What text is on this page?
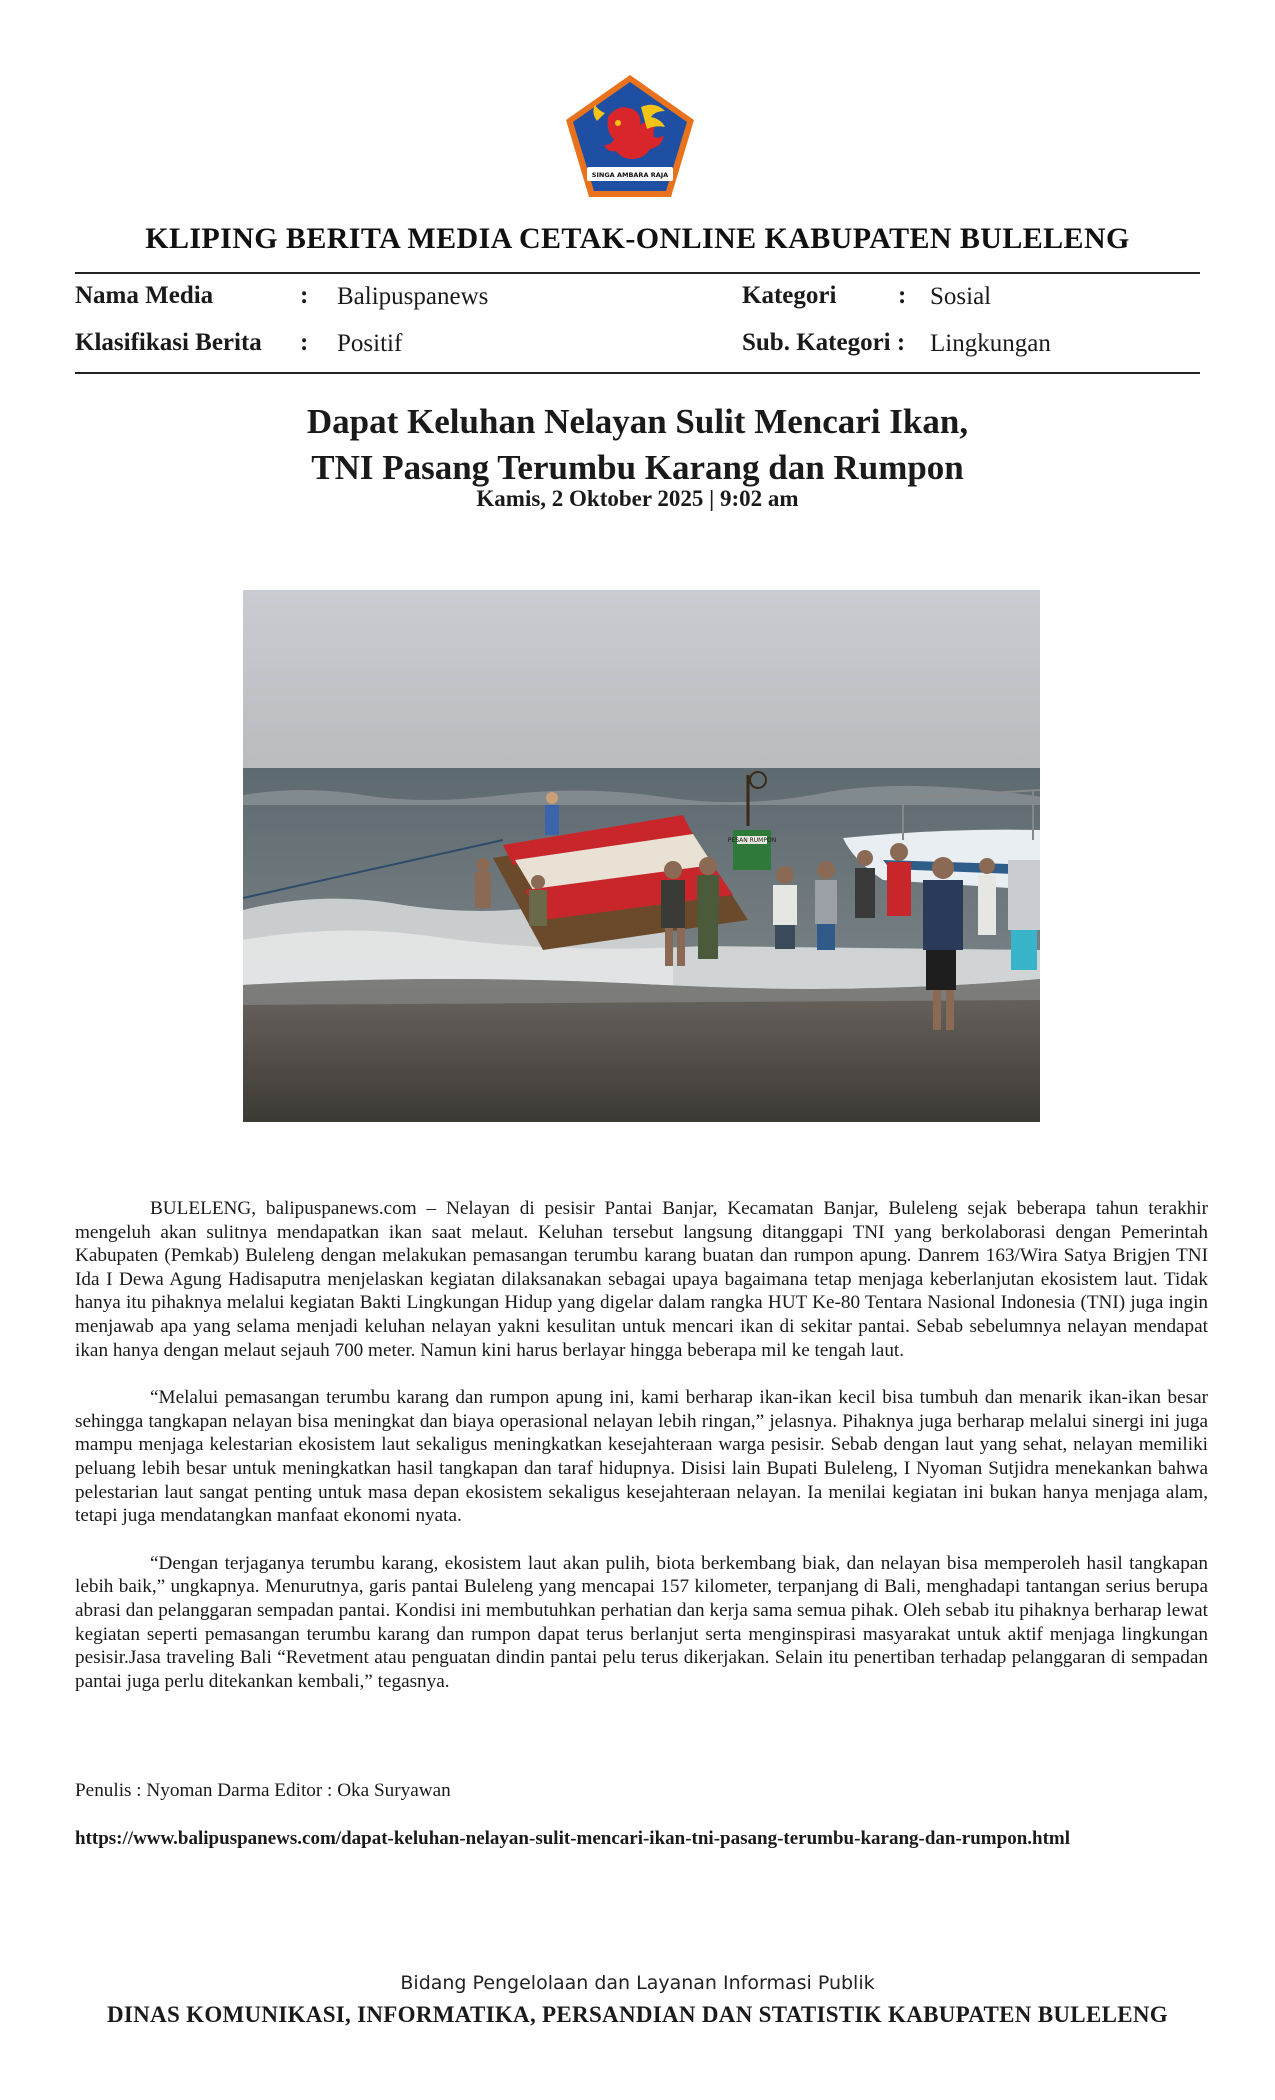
SINGA AMBARA RAJA
KLIPING BERITA MEDIA CETAK-ONLINE KABUPATEN BULELENG
Nama Media	: Balipuspanews
Klasifikasi Berita : Positif
Kategori : Sosial
Sub. Kategori : Lingkungan
Dapat Keluhan Nelayan Sulit Mencari Ikan,
TNI Pasang Terumbu Karang dan Rumpon
Kamis, 2 Oktober 2025 | 9:02 am
PESAN RUMPON

BULELENG, balipuspanews.com – Nelayan di pesisir Pantai Banjar, Kecamatan Banjar, Buleleng sejak beberapa tahun terakhir mengeluh akan sulitnya mendapatkan ikan saat melaut. Keluhan tersebut langsung ditanggapi TNI yang berkolaborasi dengan Pemerintah Kabupaten (Pemkab) Buleleng dengan melakukan pemasangan terumbu karang buatan dan rumpon apung. Danrem 163/Wira Satya Brigjen TNI Ida I Dewa Agung Hadisaputra menjelaskan kegiatan dilaksanakan sebagai upaya bagaimana tetap menjaga keberlanjutan ekosistem laut. Tidak hanya itu pihaknya melalui kegiatan Bakti Lingkungan Hidup yang digelar dalam rangka HUT Ke-80 Tentara Nasional Indonesia (TNI) juga ingin menjawab apa yang selama menjadi keluhan nelayan yakni kesulitan untuk mencari ikan di sekitar pantai. Sebab sebelumnya nelayan mendapat ikan hanya dengan melaut sejauh 700 meter. Namun kini harus berlayar hingga beberapa mil ke tengah laut.

“Melalui pemasangan terumbu karang dan rumpon apung ini, kami berharap ikan-ikan kecil bisa tumbuh dan menarik ikan-ikan besar sehingga tangkapan nelayan bisa meningkat dan biaya operasional nelayan lebih ringan,” jelasnya. Pihaknya juga berharap melalui sinergi ini juga mampu menjaga kelestarian ekosistem laut sekaligus meningkatkan kesejahteraan warga pesisir. Sebab dengan laut yang sehat, nelayan memiliki peluang lebih besar untuk meningkatkan hasil tangkapan dan taraf hidupnya. Disisi lain Bupati Buleleng, I Nyoman Sutjidra menekankan bahwa pelestarian laut sangat penting untuk masa depan ekosistem sekaligus kesejahteraan nelayan. Ia menilai kegiatan ini bukan hanya menjaga alam, tetapi juga mendatangkan manfaat ekonomi nyata.

“Dengan terjaganya terumbu karang, ekosistem laut akan pulih, biota berkembang biak, dan nelayan bisa memperoleh hasil tangkapan lebih baik,” ungkapnya. Menurutnya, garis pantai Buleleng yang mencapai 157 kilometer, terpanjang di Bali, menghadapi tantangan serius berupa abrasi dan pelanggaran sempadan pantai. Kondisi ini membutuhkan perhatian dan kerja sama semua pihak. Oleh sebab itu pihaknya berharap lewat kegiatan seperti pemasangan terumbu karang dan rumpon dapat terus berlanjut serta menginspirasi masyarakat untuk aktif menjaga lingkungan pesisir.Jasa traveling Bali “Revetment atau penguatan dindin pantai pelu terus dikerjakan. Selain itu penertiban terhadap pelanggaran di sempadan pantai juga perlu ditekankan kembali,” tegasnya.

Penulis : Nyoman Darma Editor : Oka Suryawan
https://www.balipuspanews.com/dapat-keluhan-nelayan-sulit-mencari-ikan-tni-pasang-terumbu-karang-dan-rumpon.html
Bidang Pengelolaan dan Layanan Informasi Publik
DINAS KOMUNIKASI, INFORMATIKA, PERSANDIAN DAN STATISTIK KABUPATEN BULELENG
